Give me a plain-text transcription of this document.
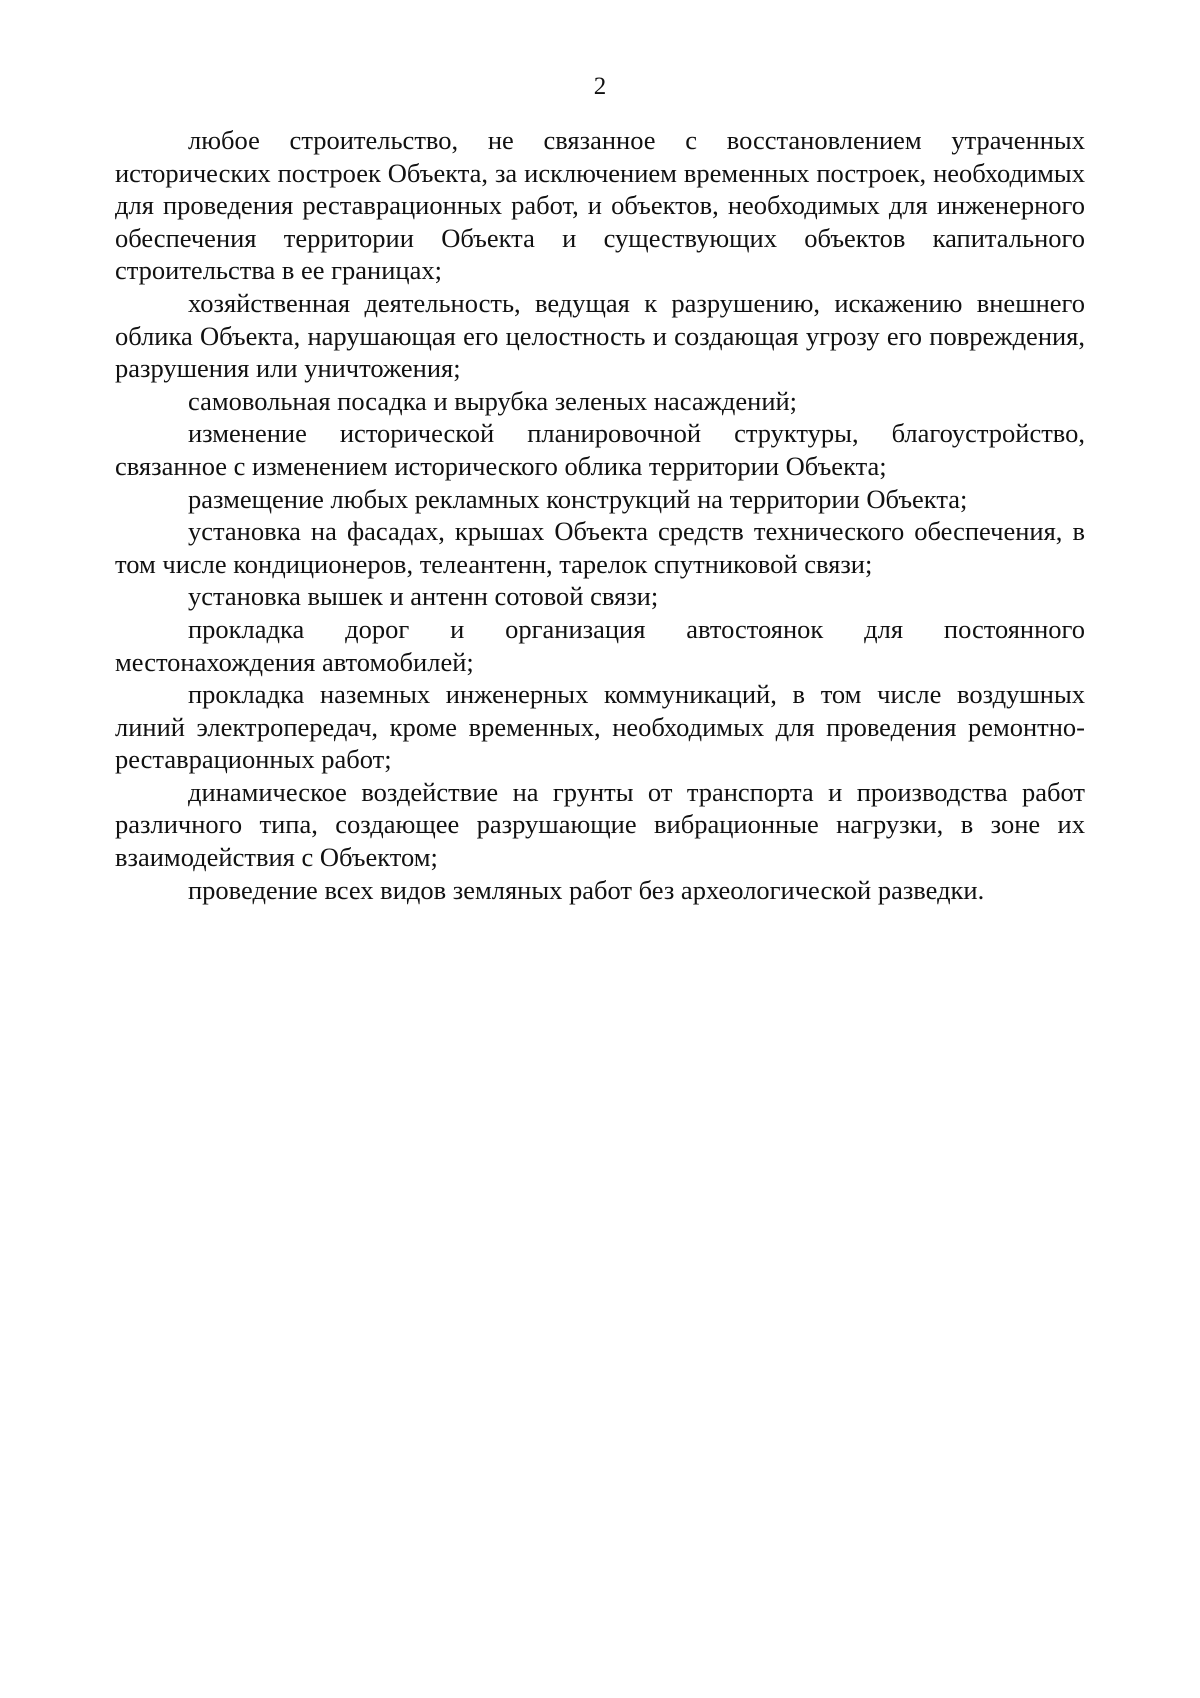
2

любое строительство, не связанное с восстановлением утраченных исторических построек Объекта, за исключением временных построек, необходимых для проведения реставрационных работ, и объектов, необходимых для инженерного обеспечения территории Объекта и существующих объектов капитального строительства в ее границах;

хозяйственная деятельность, ведущая к разрушению, искажению внешнего облика Объекта, нарушающая его целостность и создающая угрозу его повреждения, разрушения или уничтожения;

самовольная посадка и вырубка зеленых насаждений;

изменение исторической планировочной структуры, благоустройство, связанное с изменением исторического облика территории Объекта;

размещение любых рекламных конструкций на территории Объекта;

установка на фасадах, крышах Объекта средств технического обеспечения, в том числе кондиционеров, телеантенн, тарелок спутниковой связи;

установка вышек и антенн сотовой связи;

прокладка дорог и организация автостоянок для постоянного местонахождения автомобилей;

прокладка наземных инженерных коммуникаций, в том числе воздушных линий электропередач, кроме временных, необходимых для проведения ремонтно-реставрационных работ;

динамическое воздействие на грунты от транспорта и производства работ различного типа, создающее разрушающие вибрационные нагрузки, в зоне их взаимодействия с Объектом;

проведение всех видов земляных работ без археологической разведки.
